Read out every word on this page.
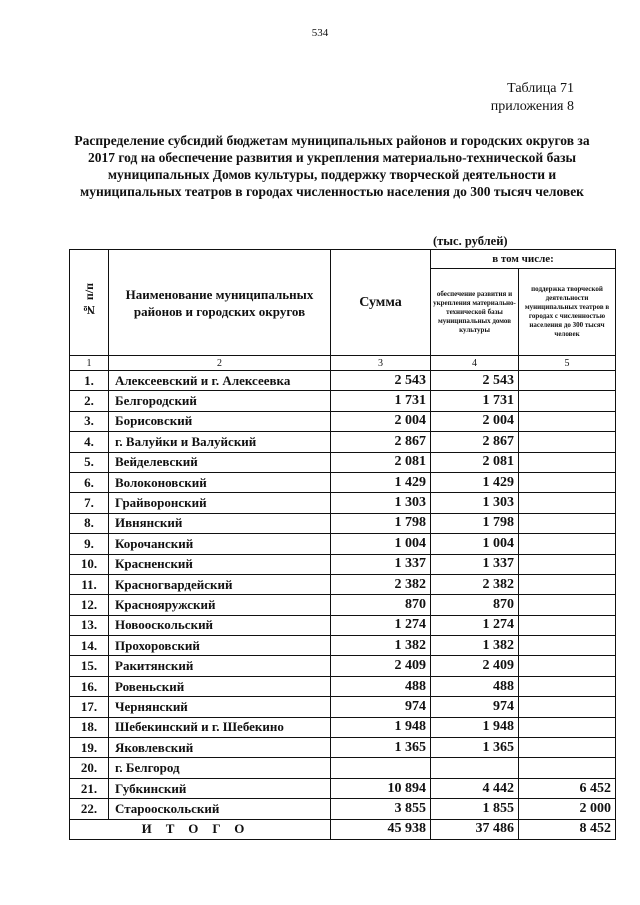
534
Таблица 71
приложения 8
Распределение субсидий бюджетам муниципальных районов и городских округов за 2017 год на обеспечение развития и укрепления материально-технической базы муниципальных Домов культуры, поддержку творческой деятельности и муниципальных театров в городах численностью населения до 300 тысяч человек
(тыс. рублей)
№ п/п	Наименование муниципальных районов и городских округов	Сумма	в том числе:	
			обеспечение развития и укрепления материально-технической базы муниципальных домов культуры	поддержка творческой деятельности муниципальных театров в городах с численностью населения до 300 тысяч человек
1	2	3	4	5
1.	Алексеевский и г. Алексеевка	2 543	2 543	
2.	Белгородский	1 731	1 731	
3.	Борисовский	2 004	2 004	
4.	г. Валуйки и Валуйский	2 867	2 867	
5.	Вейделевский	2 081	2 081	
6.	Волоконовский	1 429	1 429	
7.	Грайворонский	1 303	1 303	
8.	Ивнянский	1 798	1 798	
9.	Корочанский	1 004	1 004	
10.	Красненский	1 337	1 337	
11.	Красногвардейский	2 382	2 382	
12.	Краснояружский	870	870	
13.	Новооскольский	1 274	1 274	
14.	Прохоровский	1 382	1 382	
15.	Ракитянский	2 409	2 409	
16.	Ровеньский	488	488	
17.	Чернянский	974	974	
18.	Шебекинский и г. Шебекино	1 948	1 948	
19.	Яковлевский	1 365	1 365	
20.	г. Белгород			
21.	Губкинский	10 894	4 442	6 452
22.	Старооскольский	3 855	1 855	2 000
ИТОГО		45 938	37 486	8 452
